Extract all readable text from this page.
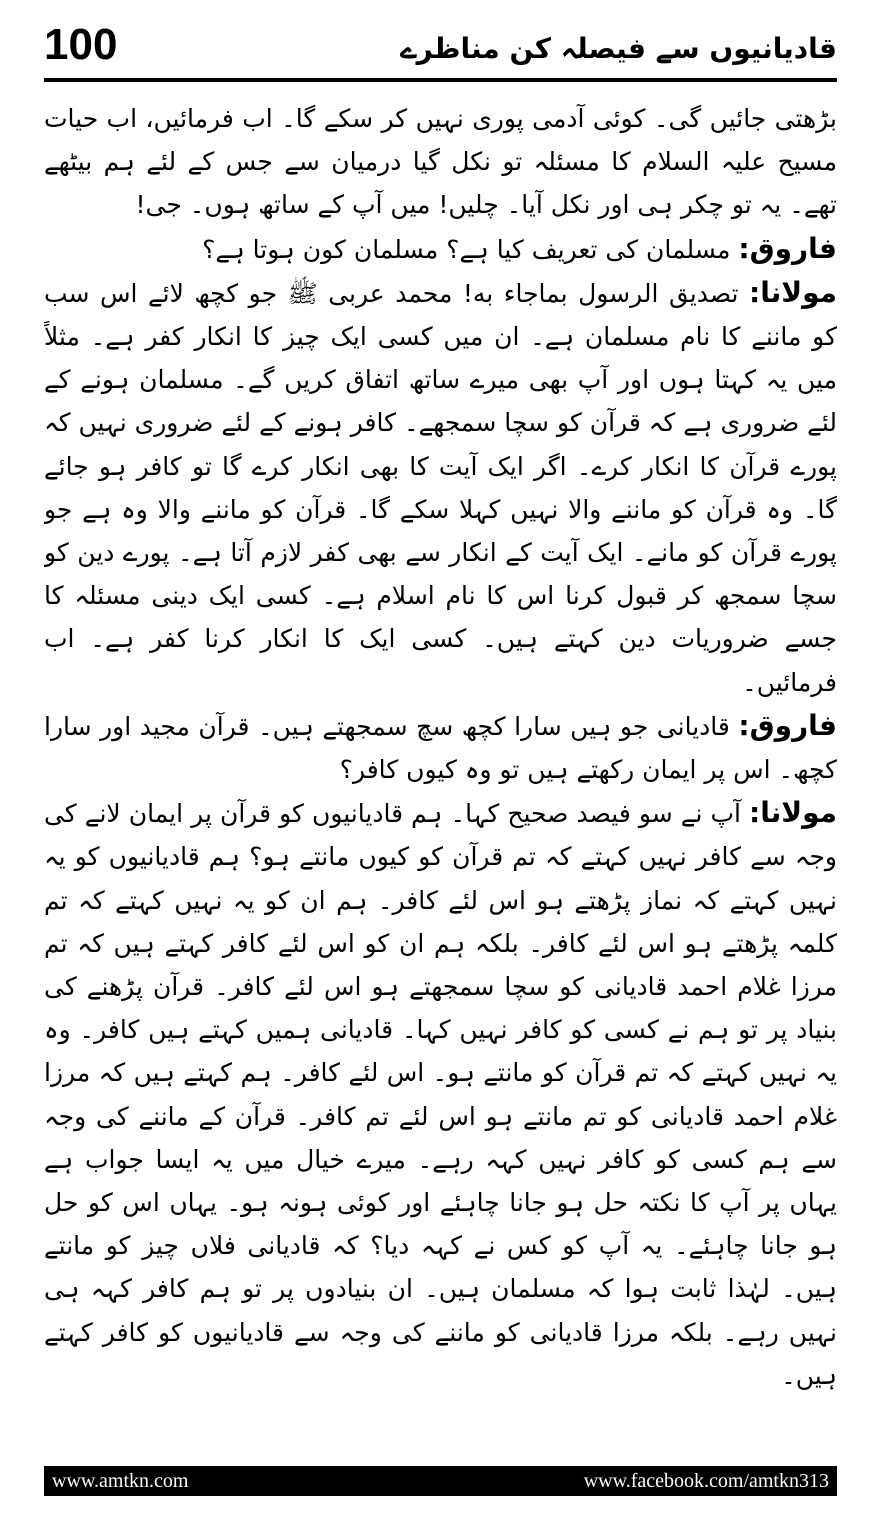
100	قادیانیوں سے فیصلہ کن مناظرے

بڑھتی جائیں گی۔ کوئی آدمی پوری نہیں کر سکے گا۔ اب فرمائیں، اب حیات مسیح علیہ السلام کا مسئلہ تو نکل گیا درمیان سے جس کے لئے ہم بیٹھے تھے۔ یہ تو چکر ہی اور نکل آیا۔ چلیں! میں آپ کے ساتھ ہوں۔ جی!

فاروق: مسلمان کی تعریف کیا ہے؟ مسلمان کون ہوتا ہے؟

مولانا: تصدیق الرسول بماجاء به! محمد عربی ﷺ جو کچھ لائے اس سب کو ماننے کا نام مسلمان ہے۔ ان میں کسی ایک چیز کا انکار کفر ہے۔ مثلاً میں یہ کہتا ہوں اور آپ بھی میرے ساتھ اتفاق کریں گے۔ مسلمان ہونے کے لئے ضروری ہے کہ قرآن کو سچا سمجھے۔ کافر ہونے کے لئے ضروری نہیں کہ پورے قرآن کا انکار کرے۔ اگر ایک آیت کا بھی انکار کرے گا تو کافر ہو جائے گا۔ وہ قرآن کو ماننے والا نہیں کہلا سکے گا۔ قرآن کو ماننے والا وہ ہے جو پورے قرآن کو مانے۔ ایک آیت کے انکار سے بھی کفر لازم آتا ہے۔ پورے دین کو سچا سمجھ کر قبول کرنا اس کا نام اسلام ہے۔ کسی ایک دینی مسئلہ کا جسے ضروریات دین کہتے ہیں۔ کسی ایک کا انکار کرنا کفر ہے۔ اب فرمائیں۔

فاروق: قادیانی جو ہیں سارا کچھ سچ سمجھتے ہیں۔ قرآن مجید اور سارا کچھ۔ اس پر ایمان رکھتے ہیں تو وہ کیوں کافر؟

مولانا: آپ نے سو فیصد صحیح کہا۔ ہم قادیانیوں کو قرآن پر ایمان لانے کی وجہ سے کافر نہیں کہتے کہ تم قرآن کو کیوں مانتے ہو؟ ہم قادیانیوں کو یہ نہیں کہتے کہ نماز پڑھتے ہو اس لئے کافر۔ ہم ان کو یہ نہیں کہتے کہ تم کلمہ پڑھتے ہو اس لئے کافر۔ بلکہ ہم ان کو اس لئے کافر کہتے ہیں کہ تم مرزا غلام احمد قادیانی کو سچا سمجھتے ہو اس لئے کافر۔ قرآن پڑھنے کی بنیاد پر تو ہم نے کسی کو کافر نہیں کہا۔ قادیانی ہمیں کہتے ہیں کافر۔ وہ یہ نہیں کہتے کہ تم قرآن کو مانتے ہو۔ اس لئے کافر۔ ہم کہتے ہیں کہ مرزا غلام احمد قادیانی کو تم مانتے ہو اس لئے تم کافر۔ قرآن کے ماننے کی وجہ سے ہم کسی کو کافر نہیں کہہ رہے۔ میرے خیال میں یہ ایسا جواب ہے یہاں پر آپ کا نکتہ حل ہو جانا چاہئے اور کوئی ہونہ ہو۔ یہاں اس کو حل ہو جانا چاہئے۔ یہ آپ کو کس نے کہہ دیا؟ کہ قادیانی فلاں چیز کو مانتے ہیں۔ لہٰذا ثابت ہوا کہ مسلمان ہیں۔ ان بنیادوں پر تو ہم کافر کہہ ہی نہیں رہے۔ بلکہ مرزا قادیانی کو ماننے کی وجہ سے قادیانیوں کو کافر کہتے ہیں۔

www.amtkn.com	www.facebook.com/amtkn313
